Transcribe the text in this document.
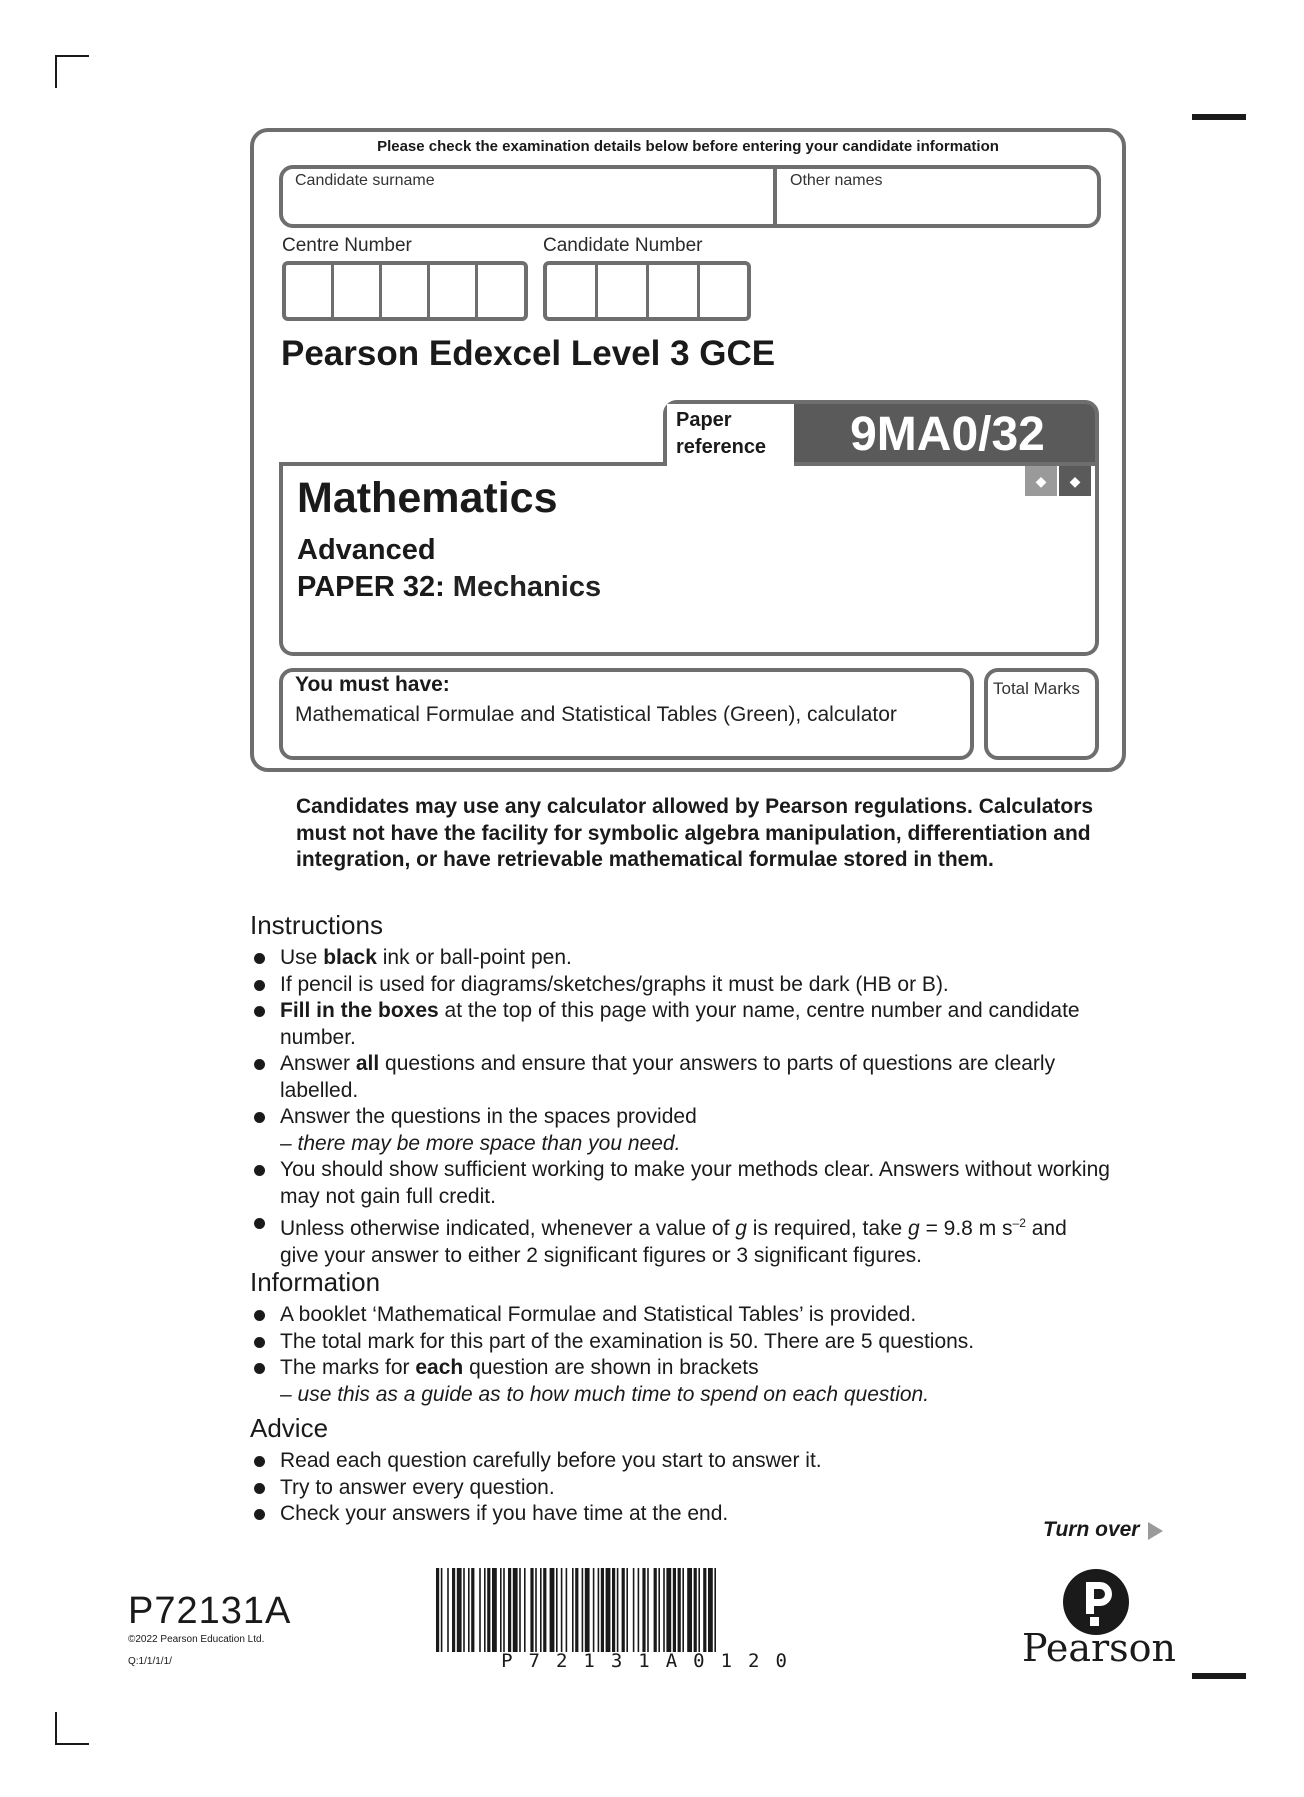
Please check the examination details below before entering your candidate information
Candidate surname	Other names
Centre Number	Candidate Number
Pearson Edexcel Level 3 GCE
Paper reference	9MA0/32
◆	◆
Mathematics
Advanced
PAPER 32: Mechanics
You must have:
Mathematical Formulae and Statistical Tables (Green), calculator
Total Marks
Candidates may use any calculator allowed by Pearson regulations. Calculators must not have the facility for symbolic algebra manipulation, differentiation and integration, or have retrievable mathematical formulae stored in them.
Instructions
Use black ink or ball-point pen.
If pencil is used for diagrams/sketches/graphs it must be dark (HB or B).
Fill in the boxes at the top of this page with your name, centre number and candidate number.
Answer all questions and ensure that your answers to parts of questions are clearly labelled.
Answer the questions in the spaces provided
– there may be more space than you need.
You should show sufficient working to make your methods clear. Answers without working may not gain full credit.
Unless otherwise indicated, whenever a value of g is required, take g = 9.8 m $s^{-2}$ and give your answer to either 2 significant figures or 3 significant figures.
Information
A booklet ‘Mathematical Formulae and Statistical Tables’ is provided.
The total mark for this part of the examination is 50. There are 5 questions.
The marks for each question are shown in brackets
– use this as a guide as to how much time to spend on each question.
Advice
Read each question carefully before you start to answer it.
Try to answer every question.
Check your answers if you have time at the end.
Turn over
P72131A
©2022 Pearson Education Ltd.
Q:1/1/1/1/	P72131A0120	Pearson
